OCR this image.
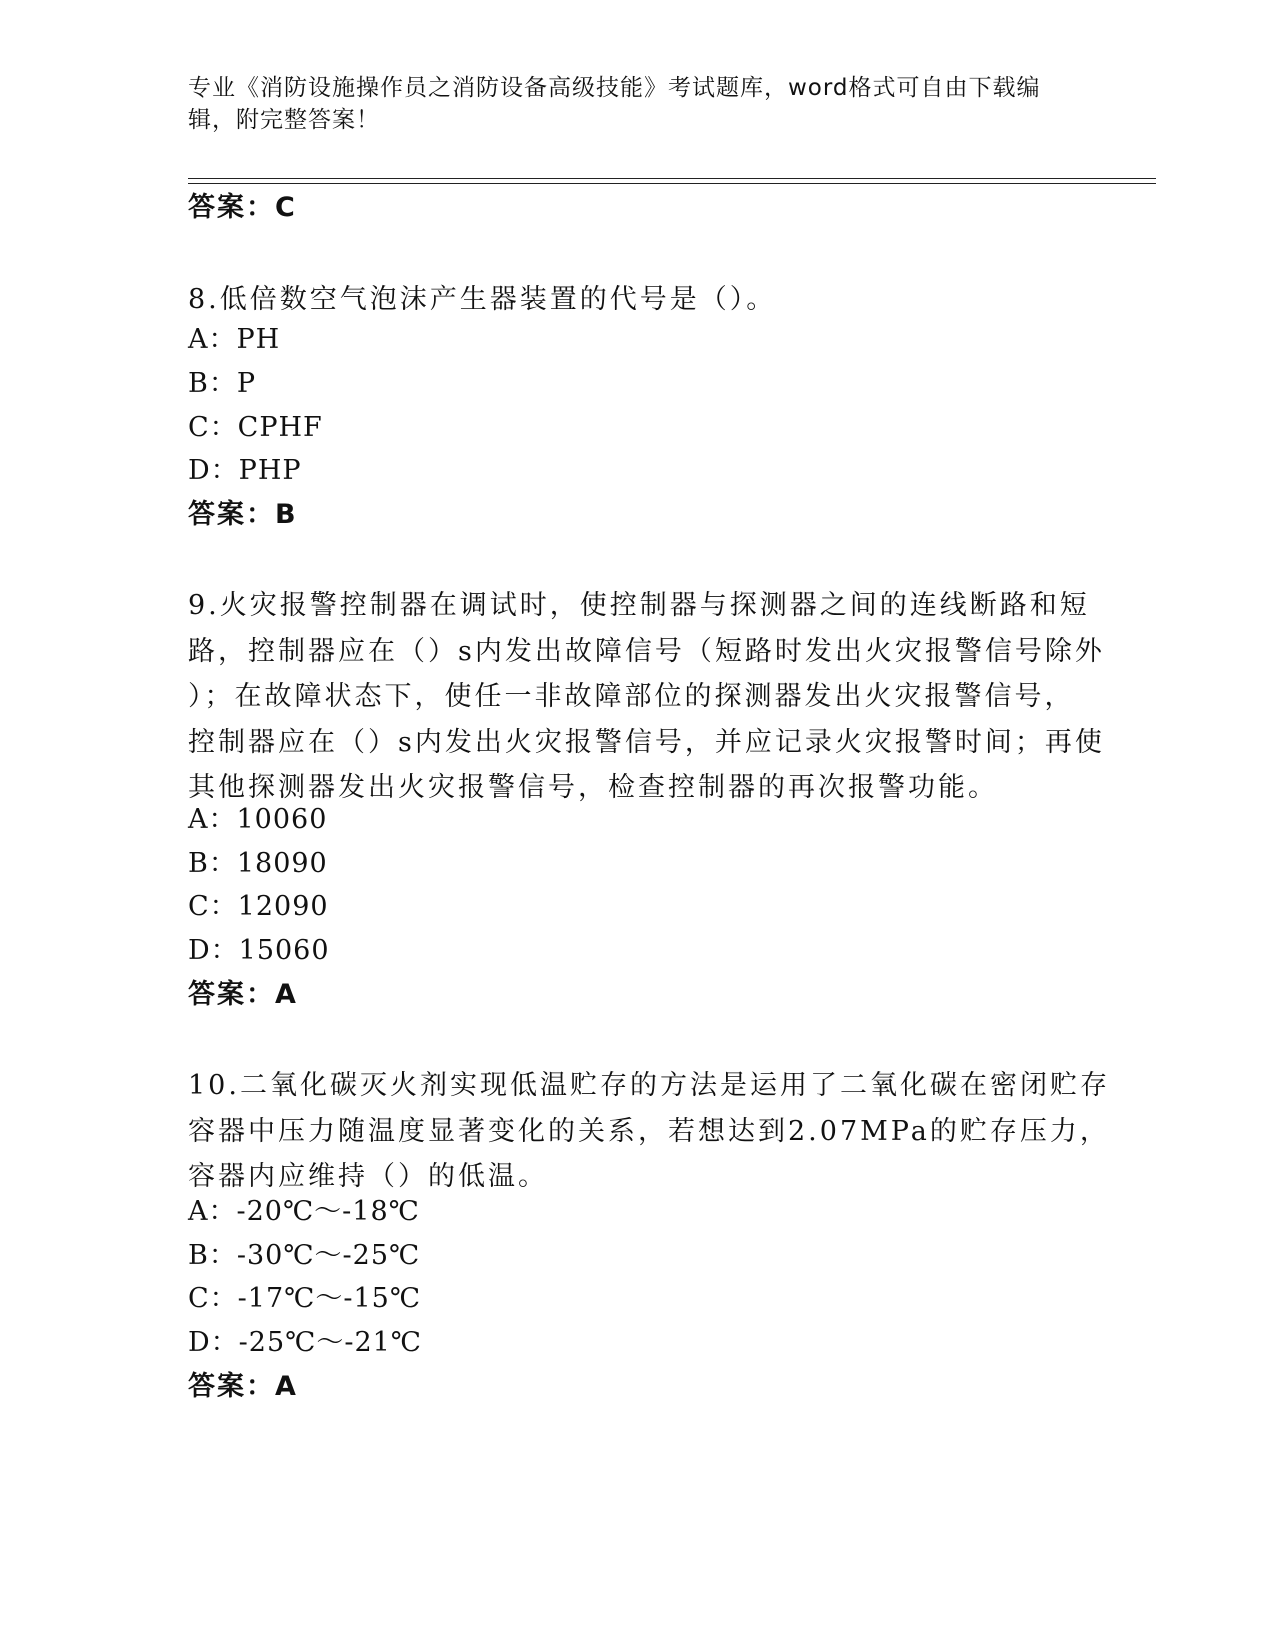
专业《消防设施操作员之消防设备高级技能》考试题库，word格式可自由下载编
辑，附完整答案！
答案：C
8.低倍数空气泡沫产生器装置的代号是（）。
A：PH
B：P
C：CPHF
D：PHP
答案：B
9.火灾报警控制器在调试时，使控制器与探测器之间的连线断路和短
路，控制器应在（）s内发出故障信号（短路时发出火灾报警信号除外
）；在故障状态下，使任一非故障部位的探测器发出火灾报警信号，
控制器应在（）s内发出火灾报警信号，并应记录火灾报警时间；再使
其他探测器发出火灾报警信号，检查控制器的再次报警功能。
A：10060
B：18090
C：12090
D：15060
答案：A
10.二氧化碳灭火剂实现低温贮存的方法是运用了二氧化碳在密闭贮存
容器中压力随温度显著变化的关系，若想达到2.07MPa的贮存压力，
容器内应维持（）的低温。
A：-20℃～-18℃
B：-30℃～-25℃
C：-17℃～-15℃
D：-25℃～-21℃
答案：A
